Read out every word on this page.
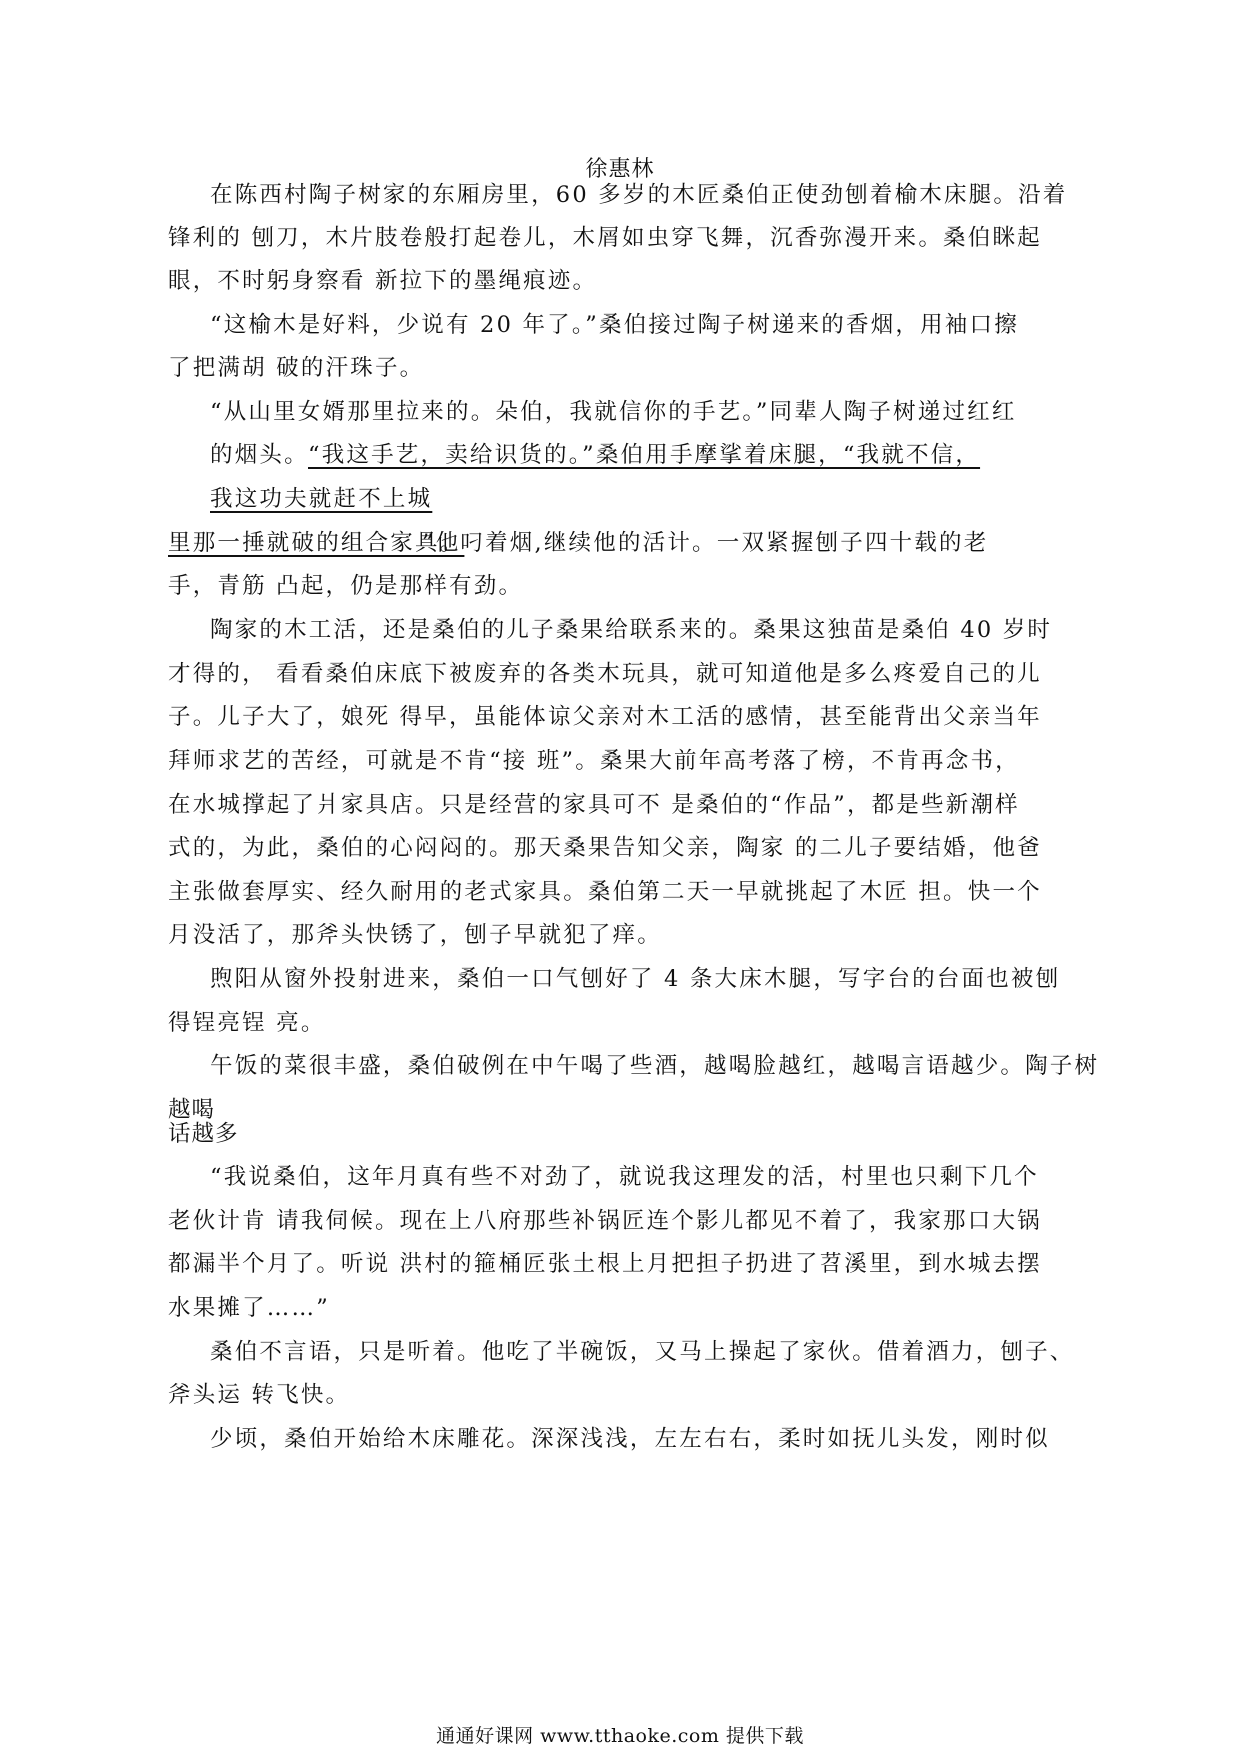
徐惠林
在陈西村陶子树家的东厢房里，60 多岁的木匠桑伯正使劲刨着榆木床腿。沿着
锋利的 刨刀，木片肢卷般打起卷儿，木屑如虫穿飞舞，沉香弥漫开来。桑伯眯起
眼，不时躬身察看 新拉下的墨绳痕迹。
“这榆木是好料，少说有 20 年了。”桑伯接过陶子树递来的香烟，用袖口擦
了把满胡 破的汗珠子。
“从山里女婿那里拉来的。朵伯，我就信你的手艺。”同辈人陶子树递过红红
的烟头。 “我这手艺，卖给识货的。”桑伯用手摩挲着床腿，“我就不信，
我这功夫就赶不上城
里那一捶就破的组合家具。
”他叼着烟,继续他的活计。一双紧握刨子四十载的老
手，青筋 凸起，仍是那样有劲。
陶家的木工活，还是桑伯的儿子桑果给联系来的。桑果这独苗是桑伯 40 岁时
才得的， 看看桑伯床底下被废弃的各类木玩具，就可知道他是多么疼爱自己的儿
子。儿子大了，娘死 得早，虽能体谅父亲对木工活的感情，甚至能背出父亲当年
拜师求艺的苦经，可就是不肯“接 班”。桑果大前年高考落了榜，不肯再念书，
在水城撑起了爿家具店。只是经营的家具可不 是桑伯的“作品”，都是些新潮样
式的，为此，桑伯的心闷闷的。那天桑果告知父亲，陶家 的二儿子要结婚，他爸
主张做套厚实、经久耐用的老式家具。桑伯第二天一早就挑起了木匠 担。快一个
月没活了，那斧头快锈了，刨子早就犯了痒。
煦阳从窗外投射进来，桑伯一口气刨好了 4 条大床木腿，写字台的台面也被刨
得锃亮锃 亮。
午饭的菜很丰盛，桑伯破例在中午喝了些酒，越喝脸越红，越喝言语越少。陶子树
越喝
话越多
“我说桑伯，这年月真有些不对劲了，就说我这理发的活，村里也只剩下几个
老伙计肯 请我伺候。现在上八府那些补锅匠连个影儿都见不着了，我家那口大锅
都漏半个月了。听说 洪村的箍桶匠张土根上月把担子扔进了苕溪里，到水城去摆
水果摊了……”
桑伯不言语，只是听着。他吃了半碗饭，又马上操起了家伙。借着酒力，刨子、
斧头运 转飞快。
少顷，桑伯开始给木床雕花。深深浅浅，左左右右，柔时如抚儿头发，刚时似
通通好课网 www.tthaoke.com 提供下载
